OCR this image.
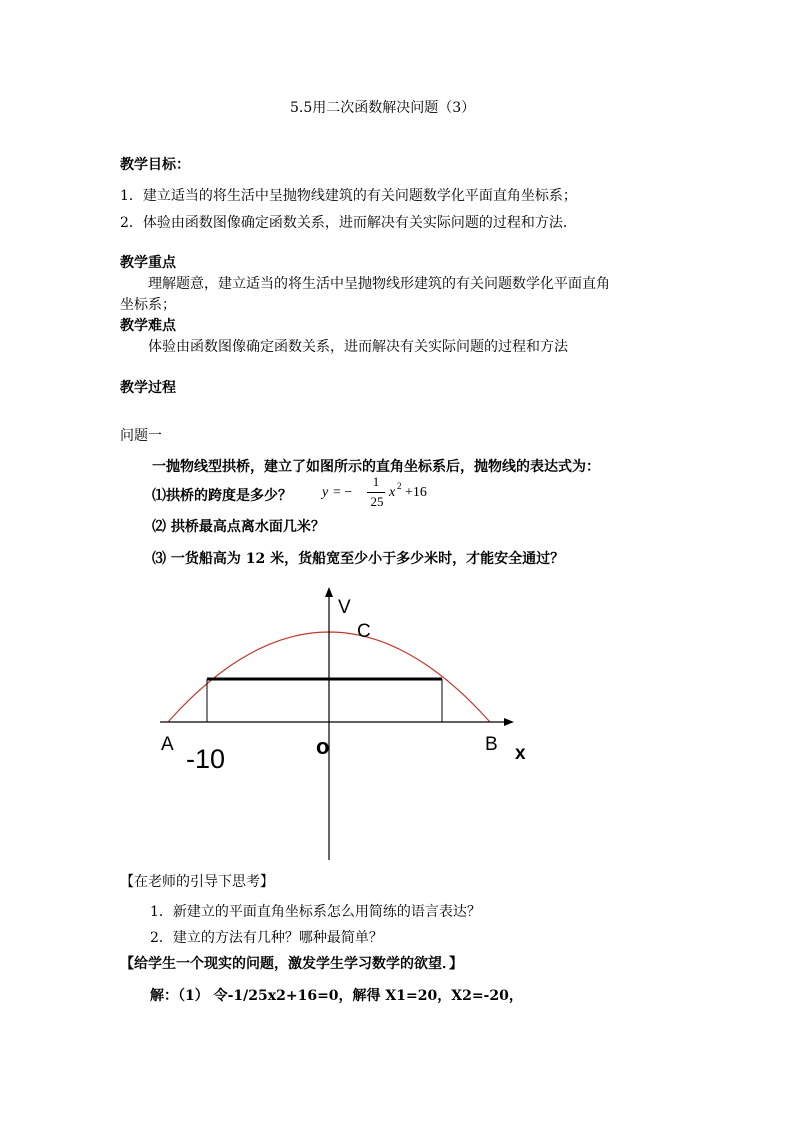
5.5用二次函数解决问题（3）
教学目标：
1．建立适当的将生活中呈抛物线建筑的有关问题数学化平面直角坐标系；
2．体验由函数图像确定函数关系，进而解决有关实际问题的过程和方法．
教学重点
理解题意，建立适当的将生活中呈抛物线形建筑的有关问题数学化平面直角
坐标系；
教学难点
体验由函数图像确定函数关系，进而解决有关实际问题的过程和方法
教学过程
问题一
一抛物线型拱桥，建立了如图所示的直角坐标系后，抛物线的表达式为：
⑴拱桥的跨度是多少？ y = −
1
25
x 2 +16
⑵ 拱桥最高点离水面几米？
⑶ 一货船高为 12 米，货船宽至少小于多少米时，才能安全通过？
V
C
A	B x
o
-10
【在老师的引导下思考】
1．新建立的平面直角坐标系怎么用简练的语言表达？
2．建立的方法有几种？哪种最简单？
【给学生一个现实的问题，激发学生学习数学的欲望．】
解：（1） 令-1/25x2+16=0，解得 X1=20，X2=-20，
